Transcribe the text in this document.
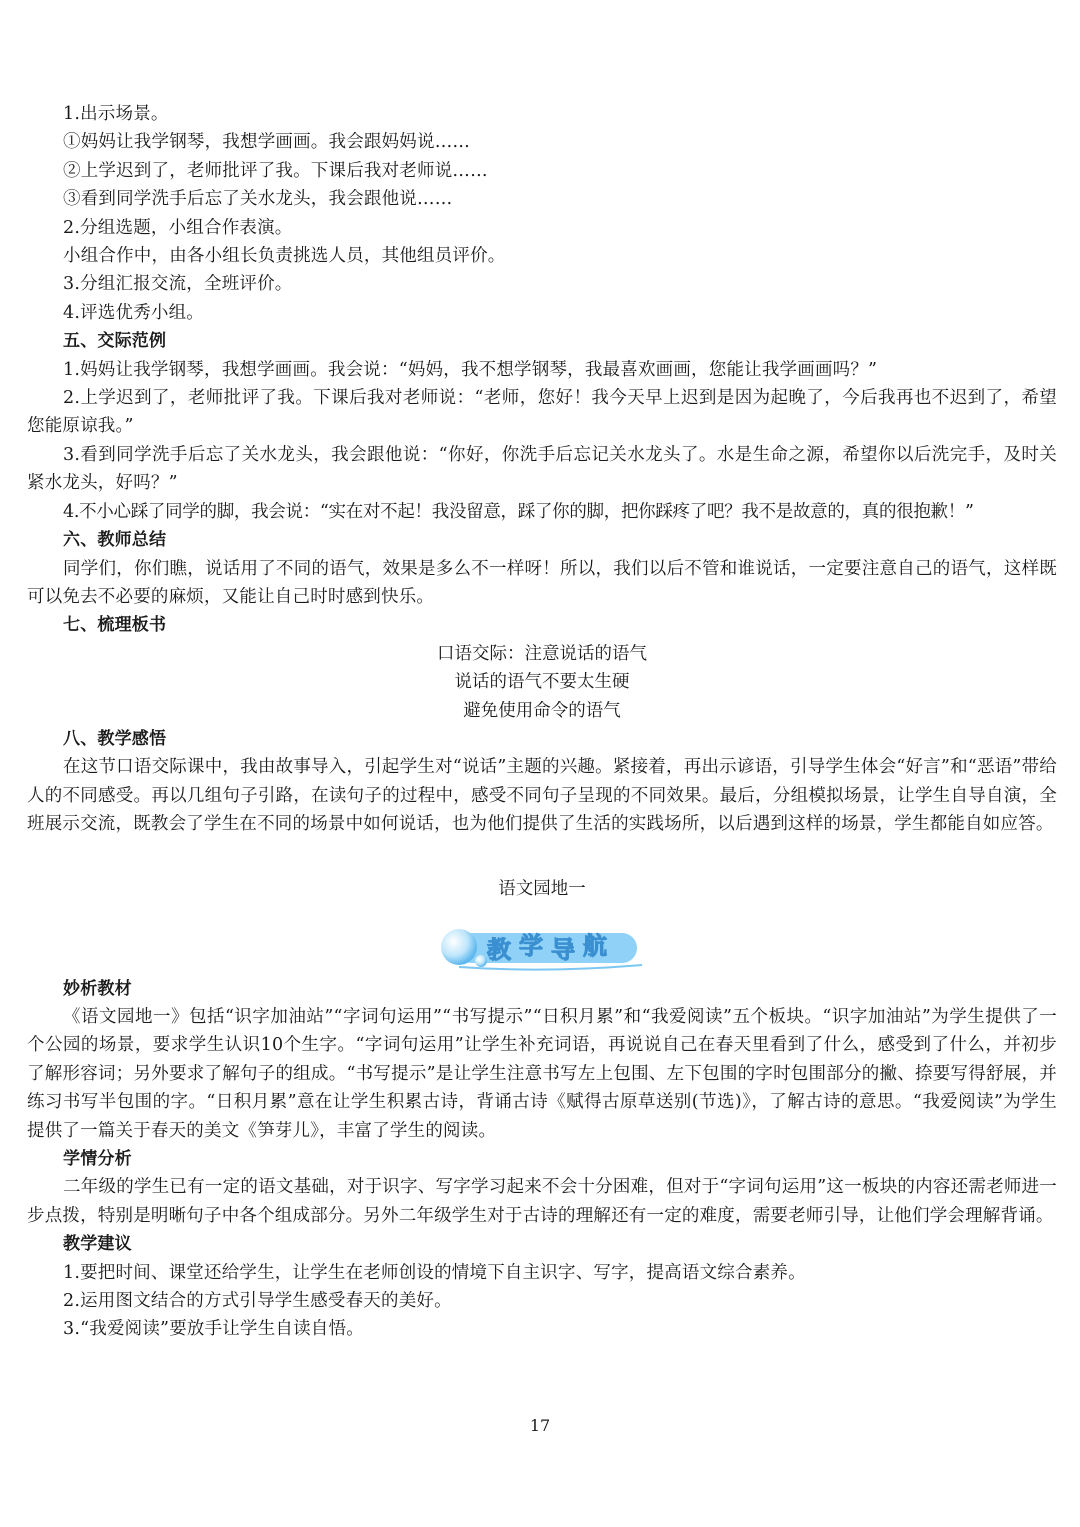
1.出示场景。
①妈妈让我学钢琴，我想学画画。我会跟妈妈说……
②上学迟到了，老师批评了我。下课后我对老师说……
③看到同学洗手后忘了关水龙头，我会跟他说……
2.分组选题，小组合作表演。
小组合作中，由各小组长负责挑选人员，其他组员评价。
3.分组汇报交流，全班评价。
4.评选优秀小组。
五、交际范例

1.妈妈让我学钢琴，我想学画画。我会说：“妈妈，我不想学钢琴，我最喜欢画画，您能让我学画画吗？”

2.上学迟到了，老师批评了我。下课后我对老师说：“老师，您好！我今天早上迟到是因为起晚了，今后我再也不迟到了，希望您能原谅我。”

3.看到同学洗手后忘了关水龙头，我会跟他说：“你好，你洗手后忘记关水龙头了。水是生命之源，希望你以后洗完手，及时关紧水龙头，好吗？”

4.不小心踩了同学的脚，我会说：“实在对不起！我没留意，踩了你的脚，把你踩疼了吧？我不是故意的，真的很抱歉！”

六、教师总结

同学们，你们瞧，说话用了不同的语气，效果是多么不一样呀！所以，我们以后不管和谁说话，一定要注意自己的语气，这样既可以免去不必要的麻烦，又能让自己时时感到快乐。

七、梳理板书
口语交际：注意说话的语气
说话的语气不要太生硬
避免使用命令的语气
八、教学感悟

在这节口语交际课中，我由故事导入，引起学生对“说话”主题的兴趣。紧接着，再出示谚语，引导学生体会“好言”和“恶语”带给人的不同感受。再以几组句子引路，在读句子的过程中，感受不同句子呈现的不同效果。最后，分组模拟场景，让学生自导自演，全班展示交流，既教会了学生在不同的场景中如何说话，也为他们提供了生活的实践场所，以后遇到这样的场景，学生都能自如应答。

语文园地一
教 学 导 航
妙析教材

《语文园地一》包括“识字加油站”“字词句运用”“书写提示”“日积月累”和“我爱阅读”五个板块。“识字加油站”为学生提供了一个公园的场景，要求学生认识10个生字。“字词句运用”让学生补充词语，再说说自己在春天里看到了什么，感受到了什么，并初步了解形容词；另外要求了解句子的组成。“书写提示”是让学生注意书写左上包围、左下包围的字时包围部分的撇、捺要写得舒展，并练习书写半包围的字。“日积月累”意在让学生积累古诗，背诵古诗《赋得古原草送别(节选)》，了解古诗的意思。“我爱阅读”为学生提供了一篇关于春天的美文《笋芽儿》，丰富了学生的阅读。

学情分析

二年级的学生已有一定的语文基础，对于识字、写字学习起来不会十分困难，但对于“字词句运用”这一板块的内容还需老师进一步点拨，特别是明晰句子中各个组成部分。另外二年级学生对于古诗的理解还有一定的难度，需要老师引导，让他们学会理解背诵。

教学建议
1.要把时间、课堂还给学生，让学生在老师创设的情境下自主识字、写字，提高语文综合素养。
2.运用图文结合的方式引导学生感受春天的美好。
3.“我爱阅读”要放手让学生自读自悟。
17
